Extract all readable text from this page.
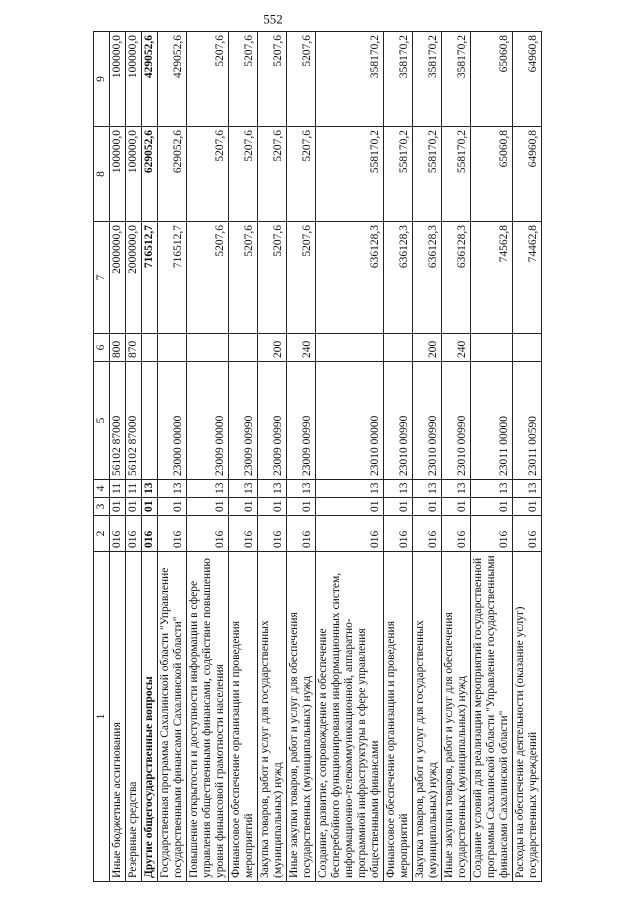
552
1	2	3	4	5	6	7	8	9
Иные бюджетные ассигнования	016	01	11	56102 87000	800	2000000,0	100000,0	100000,0
Резервные средства	016	01	11	56102 87000	870	2000000,0	100000,0	100000,0
Другие общегосударственные вопросы	016	01	13			716512,7	629052,6	429052,6
Государственная программа Сахалинской области "Управление государственными финансами Сахалинской области"	016	01	13	23000 00000		716512,7	629052,6	429052,6
Повышение открытости и доступности информации в сфере управления общественными финансами, содействие повышению уровня финансовой грамотности населения	016	01	13	23009 00000		5207,6	5207,6	5207,6
Финансовое обеспечение организации и проведения мероприятий	016	01	13	23009 00990		5207,6	5207,6	5207,6
Закупка товаров, работ и услуг для государственных (муниципальных) нужд	016	01	13	23009 00990	200	5207,6	5207,6	5207,6
Иные закупки товаров, работ и услуг для обеспечения государственных (муниципальных) нужд	016	01	13	23009 00990	240	5207,6	5207,6	5207,6
Создание, развитие, сопровождение и обеспечение бесперебойного функционирования информационных систем, информационно-телекоммуникационной, аппаратно-программной инфраструктуры в сфере управления общественными финансами	016	01	13	23010 00000		636128,3	558170,2	358170,2
Финансовое обеспечение организации и проведения мероприятий	016	01	13	23010 00990		636128,3	558170,2	358170,2
Закупка товаров, работ и услуг для государственных (муниципальных) нужд	016	01	13	23010 00990	200	636128,3	558170,2	358170,2
Иные закупки товаров, работ и услуг для обеспечения государственных (муниципальных) нужд	016	01	13	23010 00990	240	636128,3	558170,2	358170,2
Создание условий для реализации мероприятий государственной программы Сахалинской области "Управление государственными финансами Сахалинской области"	016	01	13	23011 00000		74562,8	65060,8	65060,8
Расходы на обеспечение деятельности (оказание услуг) государственных учреждений	016	01	13	23011 00590		74462,8	64960,8	64960,8
